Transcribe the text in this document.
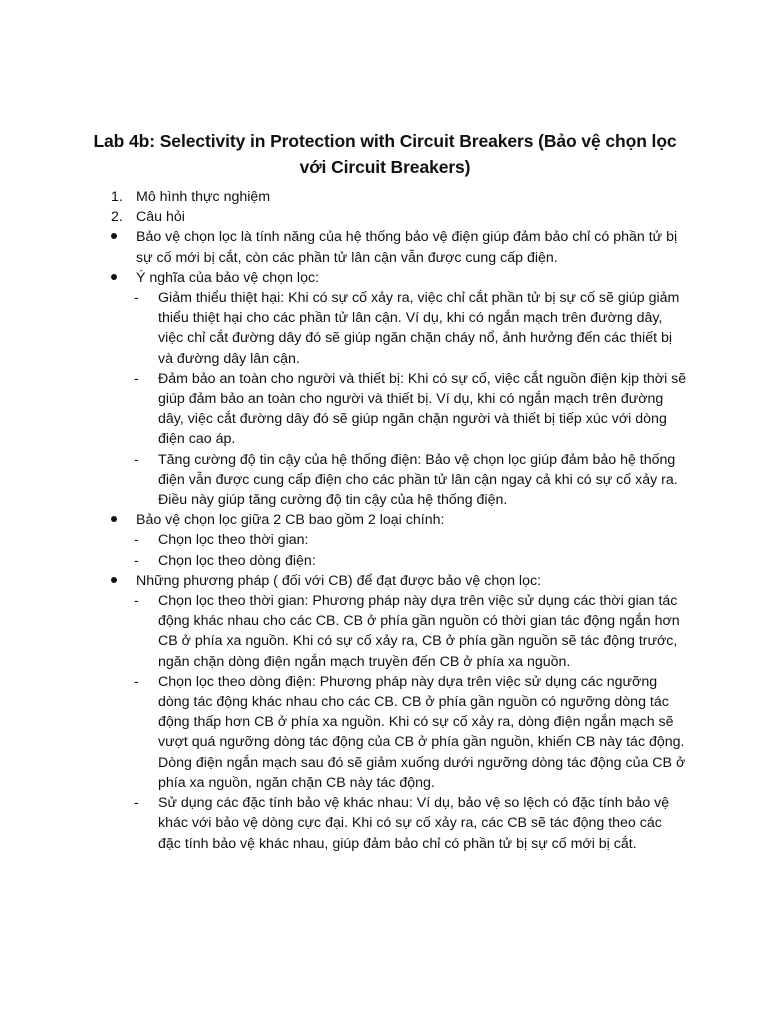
Lab 4b: Selectivity in Protection with Circuit Breakers (Bảo vệ chọn lọc
với Circuit Breakers)
1. Mô hình thực nghiệm
2. Câu hỏi
Bảo vệ chọn lọc là tính năng của hệ thống bảo vệ điện giúp đảm bảo chỉ có phần tử bị sự cố mới bị cắt, còn các phần tử lân cận vẫn được cung cấp điện.
Ý nghĩa của bảo vệ chọn lọc:
- Giảm thiểu thiệt hại: Khi có sự cố xảy ra, việc chỉ cắt phần tử bị sự cố sẽ giúp giảm thiểu thiệt hại cho các phần tử lân cận. Ví dụ, khi có ngắn mạch trên đường dây, việc chỉ cắt đường dây đó sẽ giúp ngăn chặn cháy nổ, ảnh hưởng đến các thiết bị và đường dây lân cận.
- Đảm bảo an toàn cho người và thiết bị: Khi có sự cố, việc cắt nguồn điện kịp thời sẽ giúp đảm bảo an toàn cho người và thiết bị. Ví dụ, khi có ngắn mạch trên đường dây, việc cắt đường dây đó sẽ giúp ngăn chặn người và thiết bị tiếp xúc với dòng điện cao áp.
- Tăng cường độ tin cậy của hệ thống điện: Bảo vệ chọn lọc giúp đảm bảo hệ thống điện vẫn được cung cấp điện cho các phần tử lân cận ngay cả khi có sự cố xảy ra. Điều này giúp tăng cường độ tin cậy của hệ thống điện.
Bảo vệ chọn lọc giữa 2 CB bao gồm 2 loại chính:
- Chọn lọc theo thời gian:
- Chọn lọc theo dòng điện:
Những phương pháp ( đối với CB) để đạt được bảo vệ chọn lọc:
- Chọn lọc theo thời gian: Phương pháp này dựa trên việc sử dụng các thời gian tác động khác nhau cho các CB. CB ở phía gần nguồn có thời gian tác động ngắn hơn CB ở phía xa nguồn. Khi có sự cố xảy ra, CB ở phía gần nguồn sẽ tác động trước, ngăn chặn dòng điện ngắn mạch truyền đến CB ở phía xa nguồn.
- Chọn lọc theo dòng điện: Phương pháp này dựa trên việc sử dụng các ngưỡng dòng tác động khác nhau cho các CB. CB ở phía gần nguồn có ngưỡng dòng tác động thấp hơn CB ở phía xa nguồn. Khi có sự cố xảy ra, dòng điện ngắn mạch sẽ vượt quá ngưỡng dòng tác động của CB ở phía gần nguồn, khiến CB này tác động. Dòng điện ngắn mạch sau đó sẽ giảm xuống dưới ngưỡng dòng tác động của CB ở phía xa nguồn, ngăn chặn CB này tác động.
- Sử dụng các đặc tính bảo vệ khác nhau: Ví dụ, bảo vệ so lệch có đặc tính bảo vệ khác với bảo vệ dòng cực đại. Khi có sự cố xảy ra, các CB sẽ tác động theo các đặc tính bảo vệ khác nhau, giúp đảm bảo chỉ có phần tử bị sự cố mới bị cắt.
